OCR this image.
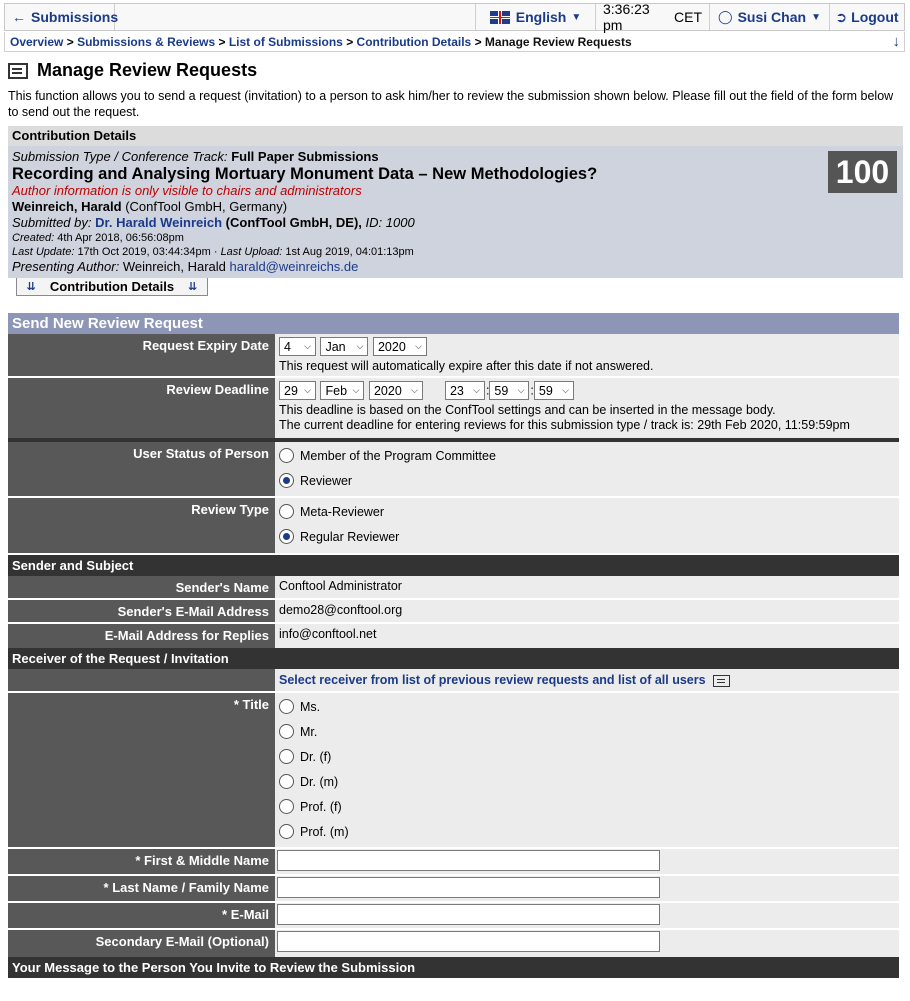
← Submissions	English ▼ 3:36:23 pm
	CET ◯ Susi Chan ▼ ➲ Logout
Overview > Submissions & Reviews > List of Submissions > Contribution Details > Manage Review Requests	↓
Manage Review Requests
This function allows you to send a request (invitation) to a person to ask him/her to review the submission shown below. Please fill out the field of the form below to send out the request.
Contribution Details
Submission Type / Conference Track: Full Paper Submissions
Recording and Analysing Mortuary Monument Data – New Methodologies?
Author information is only visible to chairs and administrators
Weinreich, Harald (ConfTool GmbH, Germany)
Submitted by: Dr. Harald Weinreich (ConfTool GmbH, DE), ID: 1000
Created: 4th Apr 2018, 06:56:08pm
Last Update: 17th Oct 2019, 03:44:34pm · Last Upload: 1st Aug 2019, 04:01:13pm
Presenting Author: Weinreich, Harald harald@weinreichs.de
100
⇊ Contribution Details ⇊
Send New Review Request
Request Expiry Date	4 ⌵
Jan ⌵
2020 ⌵
This request will automatically expire after this date if not answered.
Review Deadline	29 ⌵
Feb ⌵
2020 ⌵
	23 ⌵ : 59 ⌵ : 59 ⌵
This deadline is based on the ConfTool settings and can be inserted in the message body.
The current deadline for entering reviews for this submission type / track is: 29th Feb 2020, 11:59:59pm
User Status of Person	Member of the Program Committee
Reviewer
Review Type	Meta-Reviewer
Regular Reviewer
Sender and Subject
Sender's Name Conftool Administrator
Sender's E-Mail Address demo28@conftool.org
E-Mail Address for Replies info@conftool.net
Receiver of the Request / Invitation
Select receiver from list of previous review requests and list of all users
* Title	Ms.
Mr.
Dr. (f)
Dr. (m)
Prof. (f)
Prof. (m)
* First & Middle Name
* Last Name / Family Name
* E-Mail
Secondary E-Mail (Optional)
Your Message to the Person You Invite to Review the Submission
